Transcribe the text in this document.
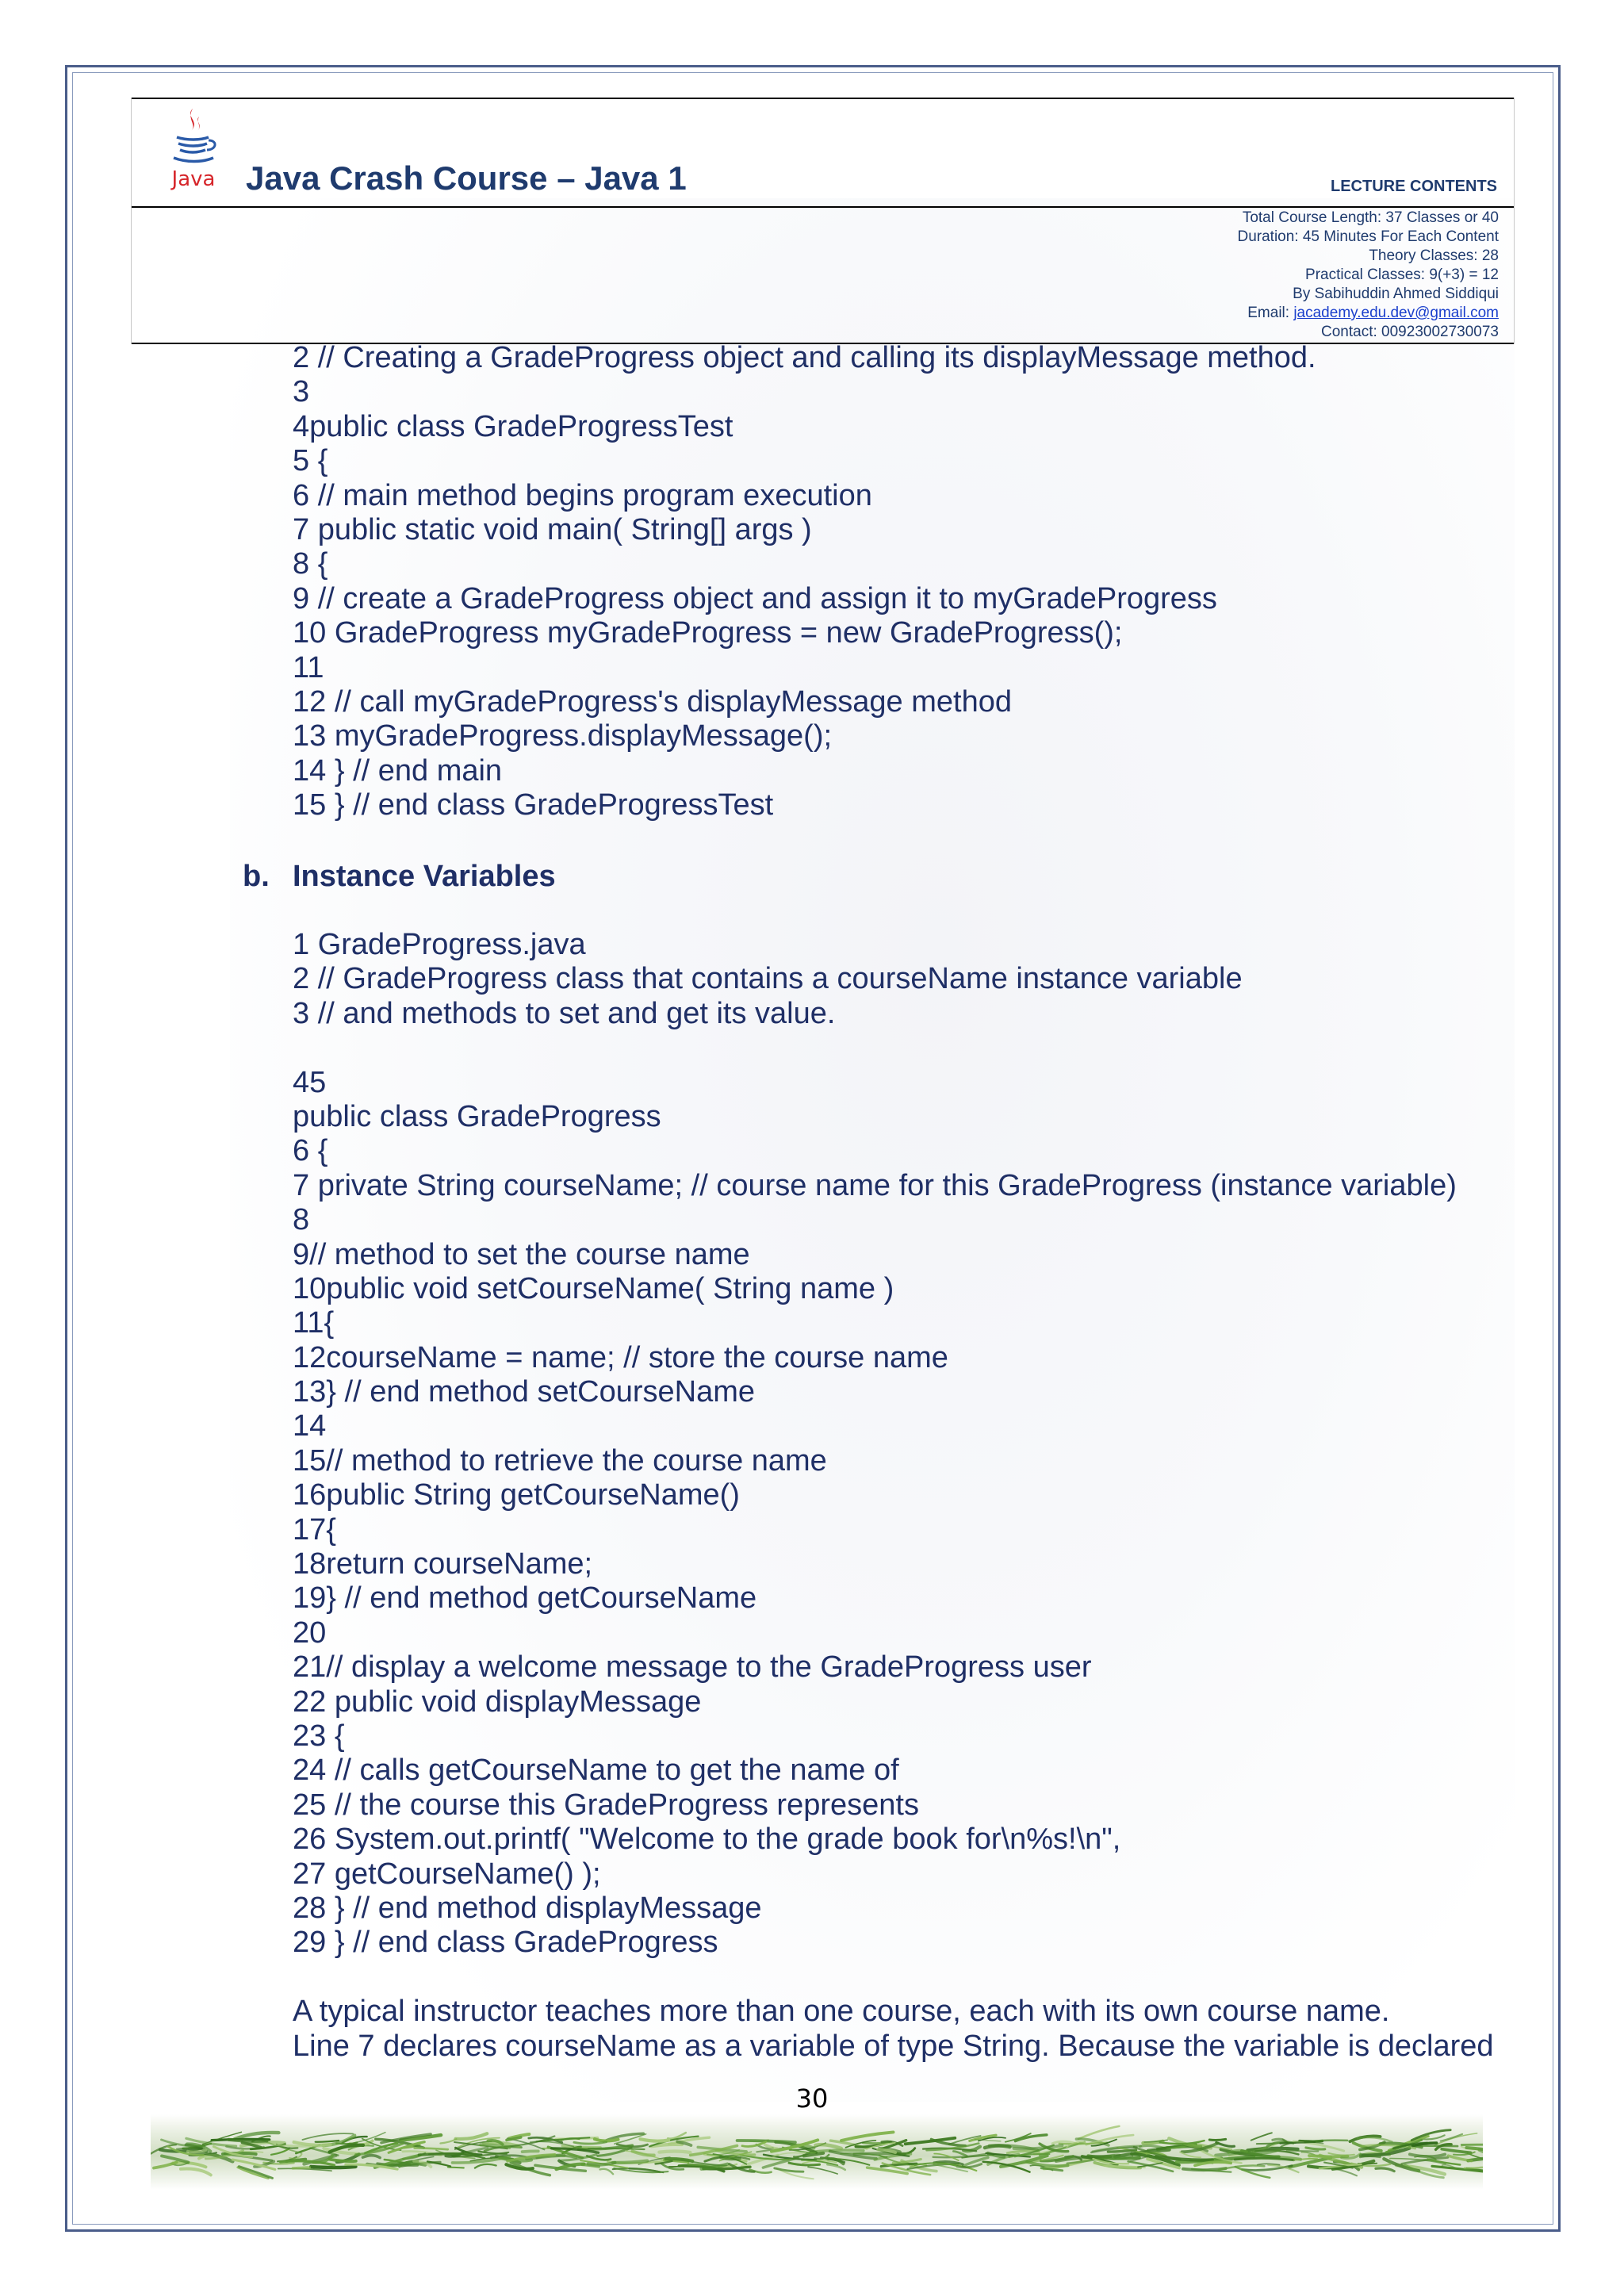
Java Java Crash Course – Java 1	LECTURE CONTENTS
Total Course Length: 37 Classes or 40
Duration: 45 Minutes For Each Content
Theory Classes: 28
Practical Classes: 9(+3) = 12
By Sabihuddin Ahmed Siddiqui
Email: jacademy.edu.dev@gmail.com
Contact: 00923002730073
2 // Creating a GradeProgress object and calling its displayMessage method.
3
4public class GradeProgressTest
5 {
6 // main method begins program execution
7 public static void main( String[] args )
8 {
9 // create a GradeProgress object and assign it to myGradeProgress
10 GradeProgress myGradeProgress = new GradeProgress();
11
12 // call myGradeProgress's displayMessage method
13 myGradeProgress.displayMessage();
14 } // end main
15 } // end class GradeProgressTest
b. Instance Variables
1 GradeProgress.java
2 // GradeProgress class that contains a courseName instance variable
3 // and methods to set and get its value.
45
public class GradeProgress
6 {
7 private String courseName; // course name for this GradeProgress (instance variable)
8
9// method to set the course name
10public void setCourseName( String name )
11{
12courseName = name; // store the course name
13} // end method setCourseName
14
15// method to retrieve the course name
16public String getCourseName()
17{
18return courseName;
19} // end method getCourseName
20
21// display a welcome message to the GradeProgress user
22 public void displayMessage
23 {
24 // calls getCourseName to get the name of
25 // the course this GradeProgress represents
26 System.out.printf( "Welcome to the grade book for\n%s!\n",
27 getCourseName() );
28 } // end method displayMessage
29 } // end class GradeProgress
A typical instructor teaches more than one course, each with its own course name.
Line 7 declares courseName as a variable of type String. Because the variable is declared
30
